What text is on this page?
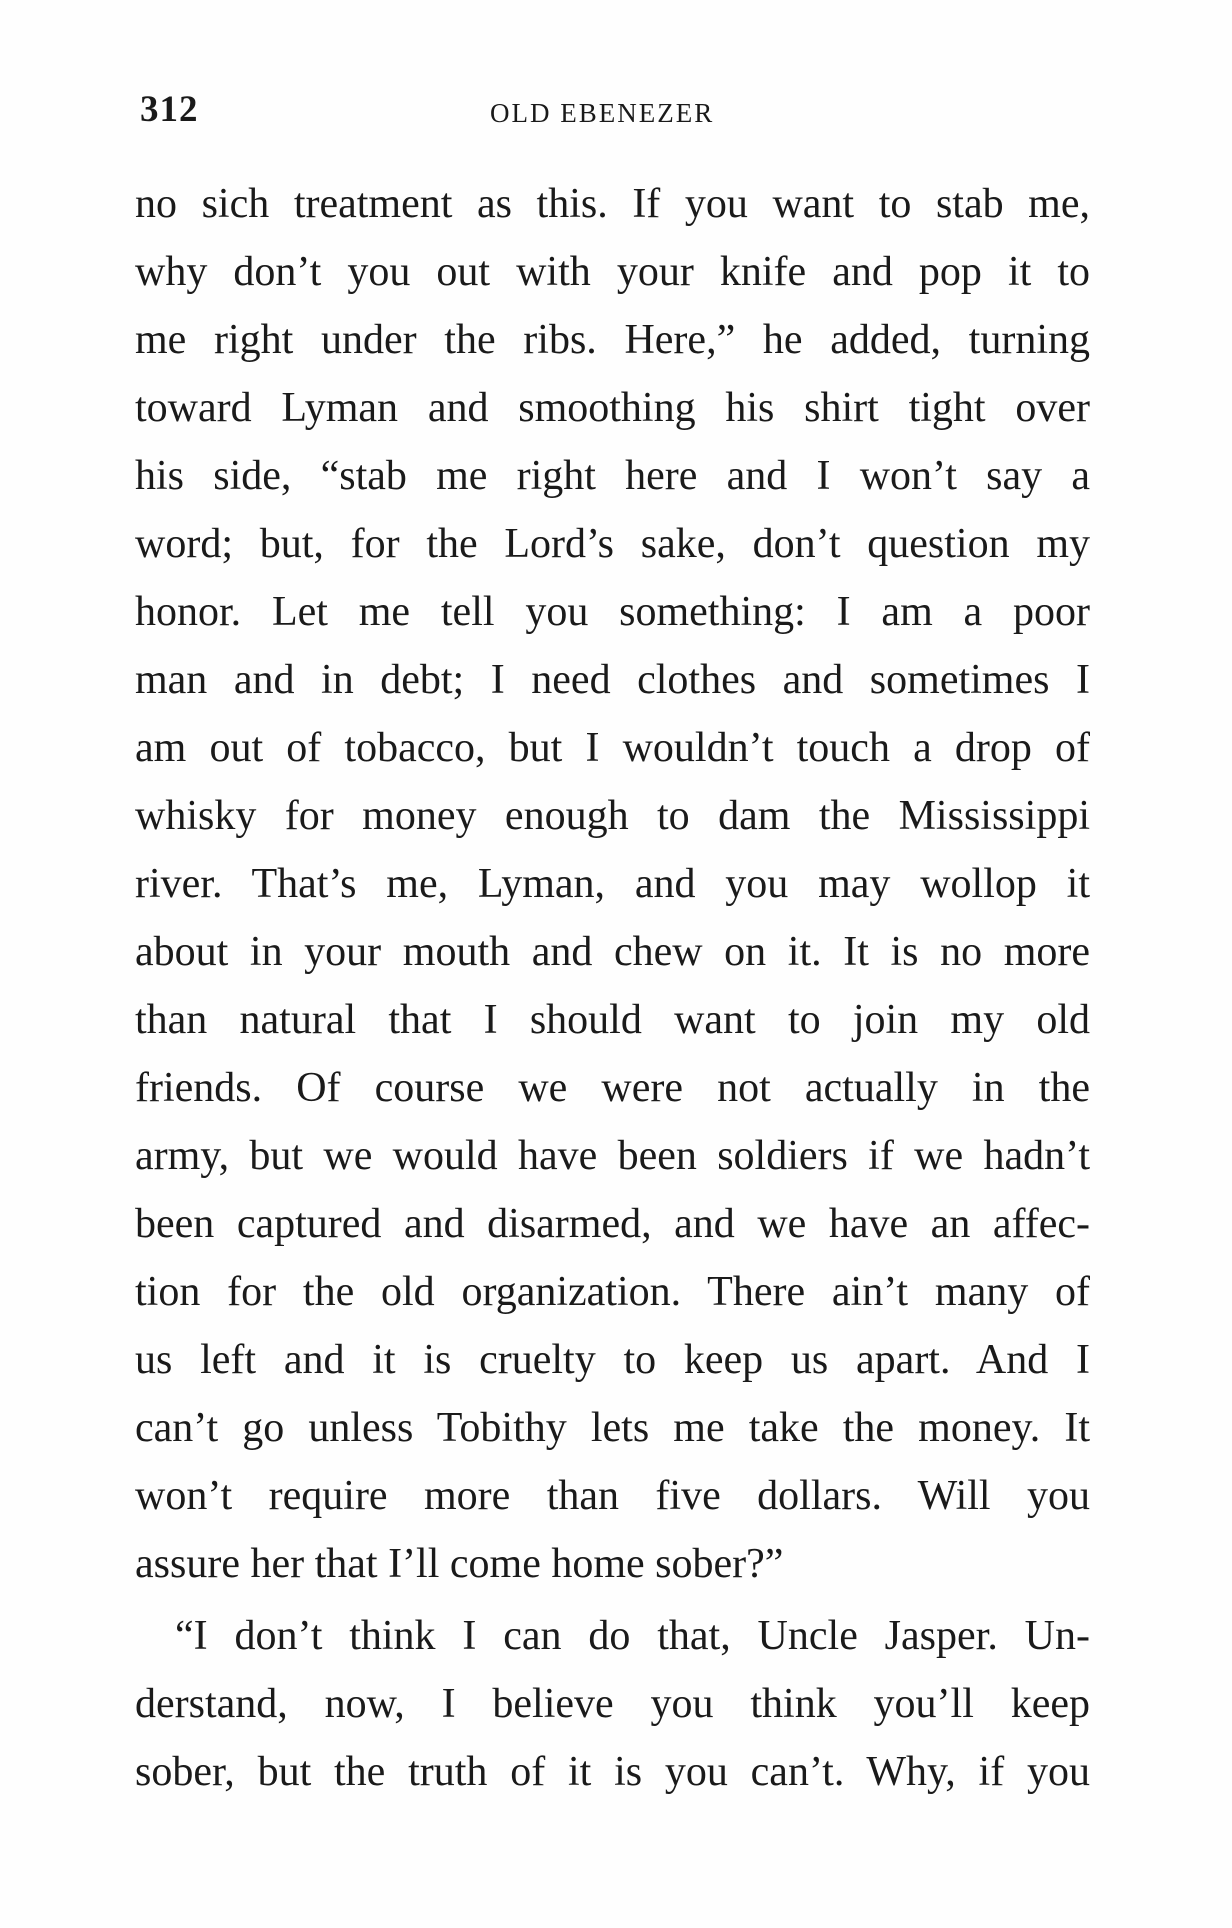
312	OLD EBENEZER
no sich treatment as this. If you want to stab me,
why don’t you out with your knife and pop it to
me right under the ribs. Here,” he added, turning
toward Lyman and smoothing his shirt tight over
his side, “stab me right here and I won’t say a
word; but, for the Lord’s sake, don’t question my
honor. Let me tell you something: I am a poor
man and in debt; I need clothes and sometimes I
am out of tobacco, but I wouldn’t touch a drop of
whisky for money enough to dam the Mississippi
river. That’s me, Lyman, and you may wollop it
about in your mouth and chew on it. It is no more
than natural that I should want to join my old
friends. Of course we were not actually in the
army, but we would have been soldiers if we hadn’t
been captured and disarmed, and we have an affec-
tion for the old organization. There ain’t many of
us left and it is cruelty to keep us apart. And I
can’t go unless Tobithy lets me take the money. It
won’t require more than five dollars. Will you
assure her that I’ll come home sober?”
“I don’t think I can do that, Uncle Jasper. Un-
derstand, now, I believe you think you’ll keep
sober, but the truth of it is you can’t. Why, if you
